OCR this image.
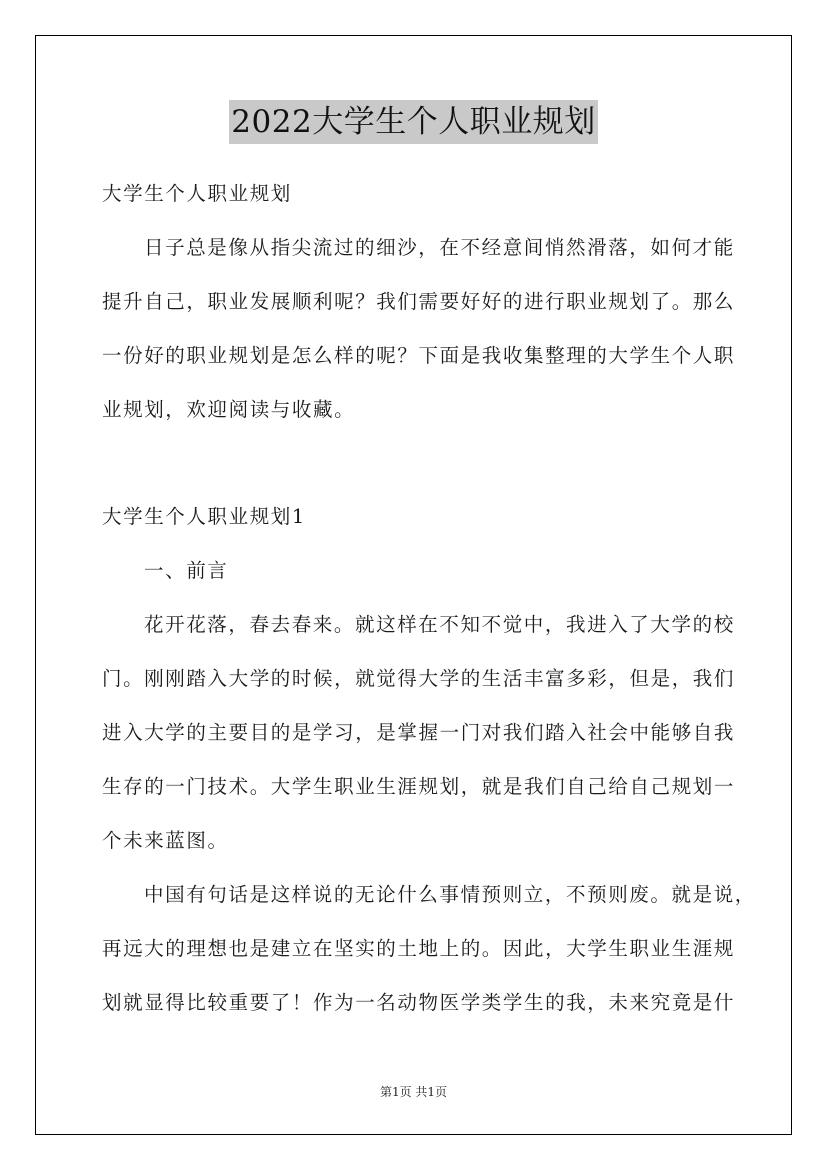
2022大学生个人职业规划
大学生个人职业规划
日子总是像从指尖流过的细沙，在不经意间悄然滑落，如何才能
提升自己，职业发展顺利呢？我们需要好好的进行职业规划了。那么
一份好的职业规划是怎么样的呢？下面是我收集整理的大学生个人职
业规划，欢迎阅读与收藏。
大学生个人职业规划1
一、前言
花开花落，春去春来。就这样在不知不觉中，我进入了大学的校
门。刚刚踏入大学的时候，就觉得大学的生活丰富多彩，但是，我们
进入大学的主要目的是学习，是掌握一门对我们踏入社会中能够自我
生存的一门技术。大学生职业生涯规划，就是我们自己给自己规划一
个未来蓝图。
中国有句话是这样说的无论什么事情预则立，不预则废。就是说，
再远大的理想也是建立在坚实的土地上的。因此，大学生职业生涯规
划就显得比较重要了！作为一名动物医学类学生的我，未来究竟是什
第1页 共1页
